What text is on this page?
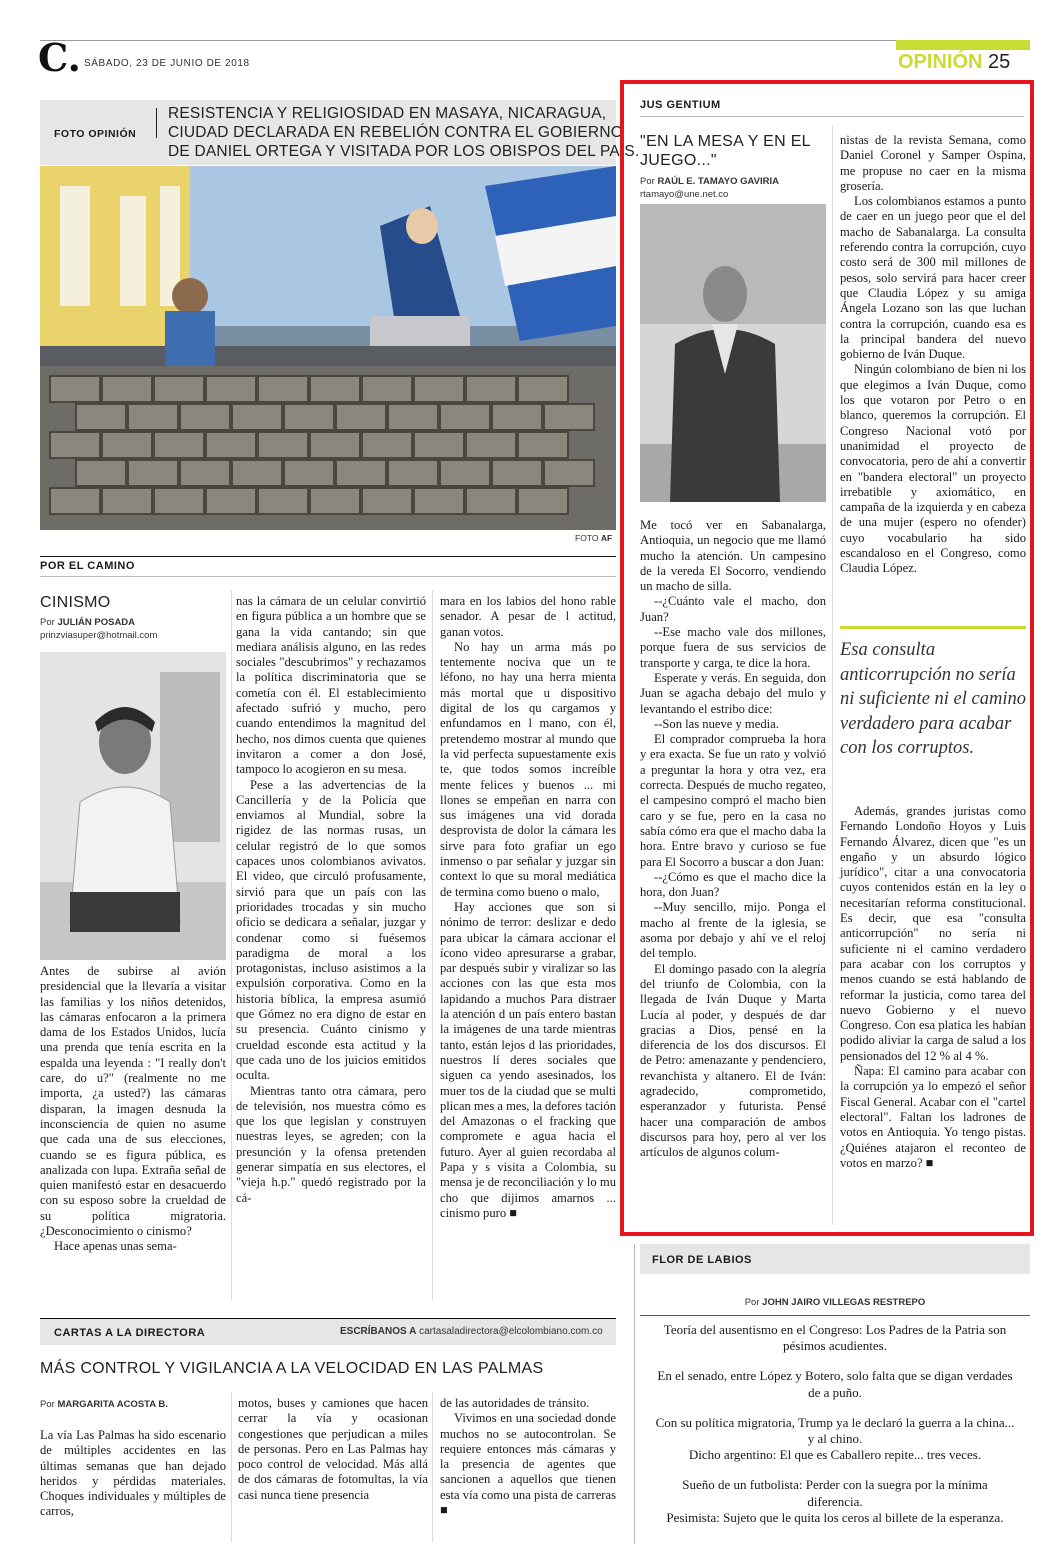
C. SÁBADO, 23 DE JUNIO DE 2018	OPINIÓN 25
FOTO OPINIÓN
RESISTENCIA Y RELIGIOSIDAD EN MASAYA, NICARAGUA,
CIUDAD DECLARADA EN REBELIÓN CONTRA EL GOBIERNO
DE DANIEL ORTEGA Y VISITADA POR LOS OBISPOS DEL PAÍS.
FOTO AF
POR EL CAMINO
CINISMO
Por JULIÁN POSADA
prinzviasuper@hotmail.com

Antes de subirse al avión presidencial que la llevaría a visitar las familias y los niños detenidos, las cámaras enfocaron a la primera dama de los Estados Unidos, lucía una prenda que tenía escrita en la espalda una leyenda : "I really don't care, do u?" (realmente no me importa, ¿a usted?) las cámaras disparan, la imagen desnuda la inconsciencia de quien no asume que cada una de sus elecciones, cuando se es figura pública, es analizada con lupa. Extraña señal de quien manifestó estar en desacuerdo con su esposo sobre la crueldad de su política migratoria. ¿Desconocimiento o cinismo?

Hace apenas unas sema-

nas la cámara de un celular convirtió en figura pública a un hombre que se gana la vida cantando; sin que mediara análisis alguno, en las redes sociales "descubrimos" y rechazamos la política discriminatoria que se cometía con él. El establecimiento afectado sufrió y mucho, pero cuando entendimos la magnitud del hecho, nos dimos cuenta que quienes invitaron a comer a don José, tampoco lo acogieron en su mesa.

Pese a las advertencias de la Cancillería y de la Policía que enviamos al Mundial, sobre la rigidez de las normas rusas, un celular registró de lo que somos capaces unos colombianos avivatos. El video, que circuló profusamente, sirvió para que un país con las prioridades trocadas y sin mucho oficio se dedicara a señalar, juzgar y condenar como si fuésemos paradigma de moral a los protagonistas, incluso asistimos a la expulsión corporativa. Como en la historia bíblica, la empresa asumió que Gómez no era digno de estar en su presencia. Cuánto cinismo y crueldad esconde esta actitud y la que cada uno de los juicios emitidos oculta.

Mientras tanto otra cámara, pero de televisión, nos muestra cómo es que los que legislan y construyen nuestras leyes, se agreden; con la presunción y la ofensa pretenden generar simpatía en sus electores, el "vieja h.p." quedó registrado por la cá-

mara en los labios del hono rable senador. A pesar de l actitud, ganan votos.

No hay un arma más po tentemente nociva que un te léfono, no hay una herra mienta más mortal que u dispositivo digital de los qu cargamos y enfundamos en l mano, con él, pretendemo mostrar al mundo que la vid perfecta supuestamente exis te, que todos somos increíble mente felices y buenos ... mi llones se empeñan en narra con sus imágenes una vid dorada desprovista de dolor la cámara les sirve para foto grafiar un ego inmenso o par señalar y juzgar sin context lo que su moral mediática de termina como bueno o malo,

Hay acciones que son si nónimo de terror: deslizar e dedo para ubicar la cámara accionar el ícono video apresurarse a grabar, par después subir y viralizar so las acciones con las que esta mos lapidando a muchos Para distraer la atención d un país entero bastan la imágenes de una tarde mientras tanto, están lejos d las prioridades, nuestros lí deres sociales que siguen ca yendo asesinados, los muer tos de la ciudad que se multi plican mes a mes, la defores tación del Amazonas o el fracking que compromete e agua hacia el futuro. Ayer al guien recordaba al Papa y s visita a Colombia, su mensa je de reconciliación y lo mu cho que dijimos amarnos ... cinismo puro ■

JUS GENTIUM
"EN LA MESA Y EN EL
JUEGO..."
Por RAÚL E. TAMAYO GAVIRIA
rtamayo@une.net.co

Me tocó ver en Sabanalarga, Antioquia, un negocio que me llamó mucho la atención. Un campesino de la vereda El Socorro, vendiendo un macho de silla.

--¿Cuánto vale el macho, don Juan?

--Ese macho vale dos millones, porque fuera de sus servicios de transporte y carga, te dice la hora.

Esperate y verás. En seguida, don Juan se agacha debajo del mulo y levantando el estribo dice:

--Son las nueve y media.

El comprador comprueba la hora y era exacta. Se fue un rato y volvió a preguntar la hora y otra vez, era correcta. Después de mucho regateo, el campesino compró el macho bien caro y se fue, pero en la casa no sabía cómo era que el macho daba la hora. Entre bravo y curioso se fue para El Socorro a buscar a don Juan:

--¿Cómo es que el macho dice la hora, don Juan?

--Muy sencillo, mijo. Ponga el macho al frente de la iglesia, se asoma por debajo y ahí ve el reloj del templo.

El domingo pasado con la alegría del triunfo de Colombia, con la llegada de Iván Duque y Marta Lucía al poder, y después de dar gracias a Dios, pensé en la diferencia de los dos discursos. El de Petro: amenazante y pendenciero, revanchista y altanero. El de Iván: agradecido, comprometido, esperanzador y futurista. Pensé hacer una comparación de ambos discursos para hoy, pero al ver los artículos de algunos colum-

nistas de la revista Semana, como Daniel Coronel y Samper Ospina, me propuse no caer en la misma grosería.

Los colombianos estamos a punto de caer en un juego peor que el del macho de Sabanalarga. La consulta referendo contra la corrupción, cuyo costo será de 300 mil millones de pesos, solo servirá para hacer creer que Claudia López y su amiga Ángela Lozano son las que luchan contra la corrupción, cuando esa es la principal bandera del nuevo gobierno de Iván Duque.

Ningún colombiano de bien ni los que elegimos a Iván Duque, como los que votaron por Petro o en blanco, queremos la corrupción. El Congreso Nacional votó por unanimidad el proyecto de convocatoria, pero de ahí a convertir en "bandera electoral" un proyecto irrebatible y axiomático, en campaña de la izquierda y en cabeza de una mujer (espero no ofender) cuyo vocabulario ha sido escandaloso en el Congreso, como Claudia López.

Esa consulta anticorrupción no sería ni suficiente ni el camino verdadero para acabar con los corruptos.

Además, grandes juristas como Fernando Londoño Hoyos y Luis Fernando Álvarez, dicen que "es un engaño y un absurdo lógico jurídico", citar a una convocatoria cuyos contenidos están en la ley o necesitarían reforma constitucional. Es decir, que esa "consulta anticorrupción" no sería ni suficiente ni el camino verdadero para acabar con los corruptos y menos cuando se está hablando de reformar la justicia, como tarea del nuevo Gobierno y el nuevo Congreso. Con esa platica les habían podido aliviar la carga de salud a los pensionados del 12 % al 4 %.

Ñapa: El camino para acabar con la corrupción ya lo empezó el señor Fiscal General. Acabar con el "cartel electoral". Faltan los ladrones de votos en Antioquia. Yo tengo pistas. ¿Quiénes atajaron el reconteo de votos en marzo? ■

CARTAS A LA DIRECTORA	ESCRÍBANOS A cartasaladirectora@elcolombiano.com.co
MÁS CONTROL Y VIGILANCIA A LA VELOCIDAD EN LAS PALMAS
Por MARGARITA ACOSTA B.

La vía Las Palmas ha sido escenario de múltiples accidentes en las últimas semanas que han dejado heridos y pérdidas materiales. Choques individuales y múltiples de carros,

motos, buses y camiones que hacen cerrar la vía y ocasionan congestiones que perjudican a miles de personas. Pero en Las Palmas hay poco control de velocidad. Más allá de dos cámaras de fotomultas, la vía casi nunca tiene presencia

de las autoridades de tránsito.

Vivimos en una sociedad donde muchos no se autocontrolan. Se requiere entonces más cámaras y la presencia de agentes que sancionen a aquellos que tienen esta vía como una pista de carreras ■

FLOR DE LABIOS
Por JOHN JAIRO VILLEGAS RESTREPO
Teoría del ausentismo en el Congreso: Los Padres de la Patria son pésimos acudientes.
En el senado, entre López y Botero, solo falta que se digan verdades de a puño.
Con su política migratoria, Trump ya le declaró la guerra a la china... y al chino.
Dicho argentino: El que es Caballero repite... tres veces.
Sueño de un futbolista: Perder con la suegra por la mínima diferencia.
Pesimista: Sujeto que le quita los ceros al billete de la esperanza.
